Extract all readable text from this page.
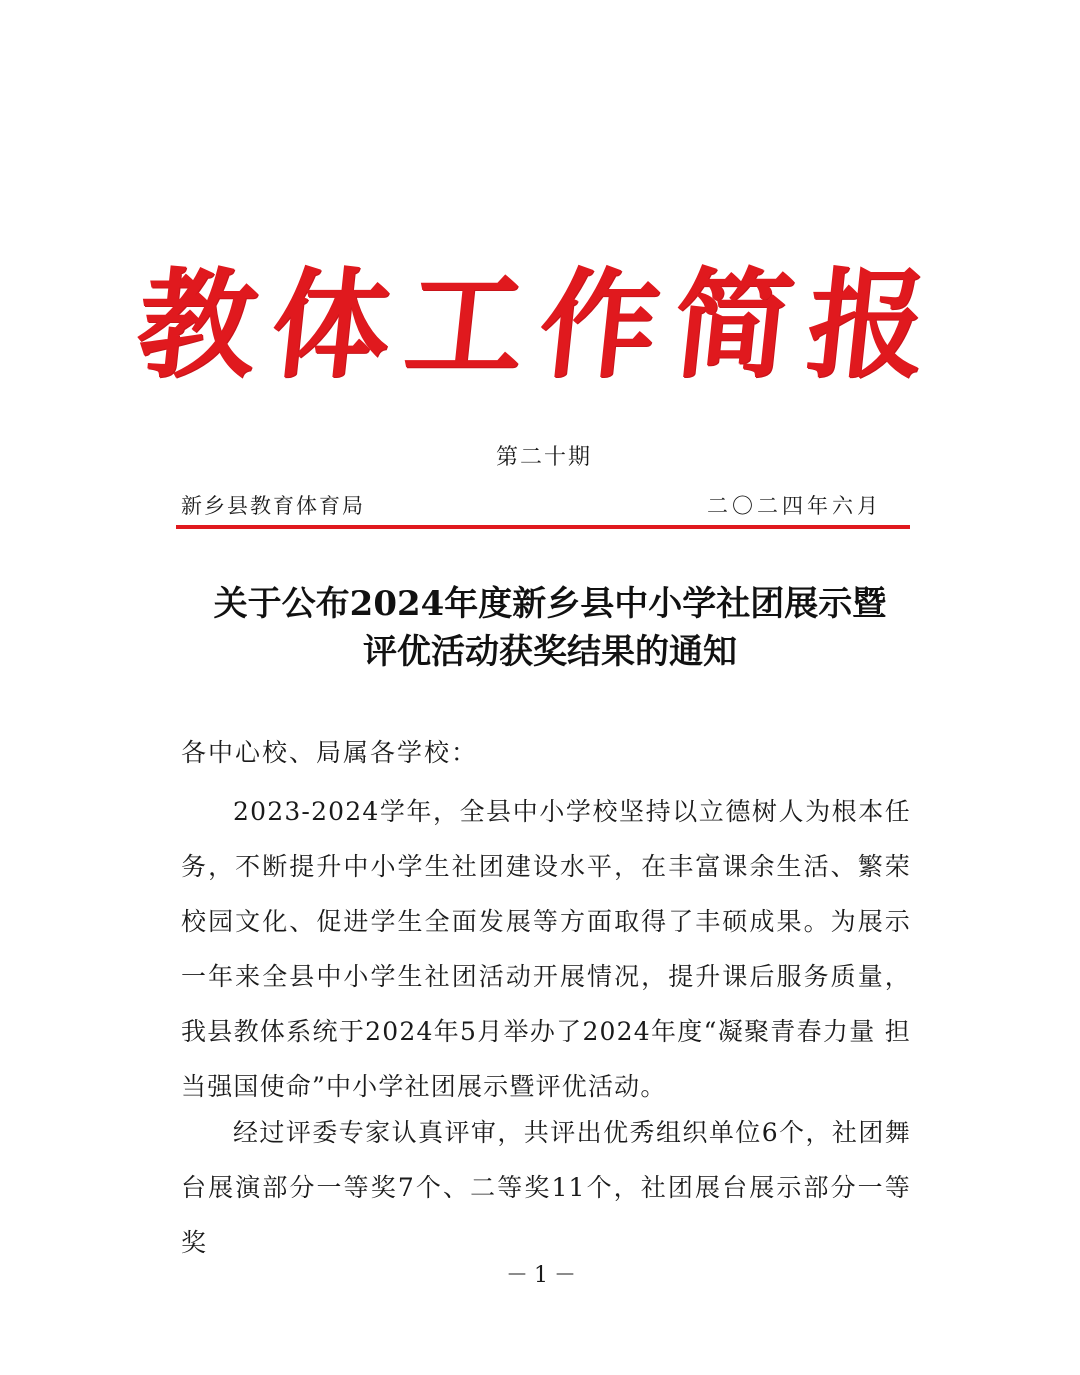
教体工作简报
第二十期
新乡县教育体育局	二〇二四年六月
关于公布2024年度新乡县中小学社团展示暨
评优活动获奖结果的通知
各中心校、局属各学校：

2023-2024学年，全县中小学校坚持以立德树人为根本任务，不断提升中小学生社团建设水平，在丰富课余生活、繁荣校园文化、促进学生全面发展等方面取得了丰硕成果。为展示一年来全县中小学生社团活动开展情况，提升课后服务质量，我县教体系统于2024年5月举办了2024年度“凝聚青春力量 担当强国使命”中小学社团展示暨评优活动。

经过评委专家认真评审，共评出优秀组织单位6个，社团舞台展演部分一等奖7个、二等奖11个，社团展台展示部分一等奖

－1－
